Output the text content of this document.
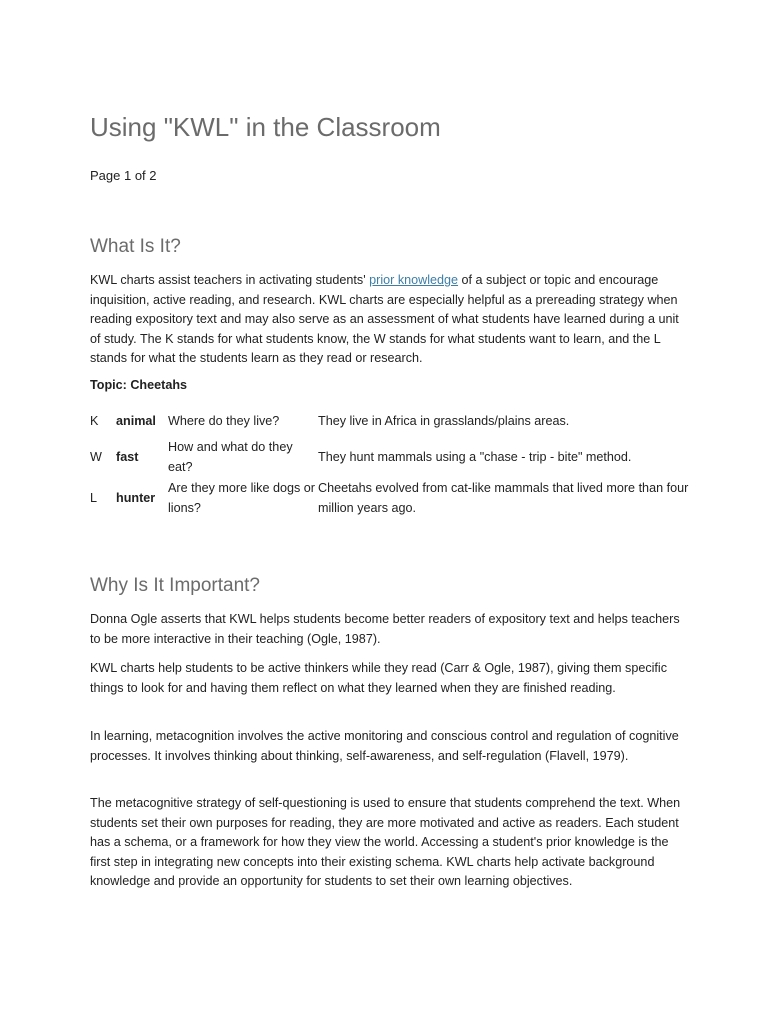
Using "KWL" in the Classroom
Page 1 of 2
What Is It?

KWL charts assist teachers in activating students' prior knowledge of a subject or topic and encourage inquisition, active reading, and research. KWL charts are especially helpful as a prereading strategy when reading expository text and may also serve as an assessment of what students have learned during a unit of study. The K stands for what students know, the W stands for what students want to learn, and the L stands for what the students learn as they read or research.

Topic: Cheetahs
K	animal	Where do they live?	They live in Africa in grasslands/plains areas.
W	fast	How and what do they eat?	They hunt mammals using a "chase - trip - bite" method.
L	hunter	Are they more like dogs or lions?	Cheetahs evolved from cat-like mammals that lived more than four million years ago.
Why Is It Important?

Donna Ogle asserts that KWL helps students become better readers of expository text and helps teachers to be more interactive in their teaching (Ogle, 1987).

KWL charts help students to be active thinkers while they read (Carr & Ogle, 1987), giving them specific things to look for and having them reflect on what they learned when they are finished reading.

In learning, metacognition involves the active monitoring and conscious control and regulation of cognitive processes. It involves thinking about thinking, self-awareness, and self-regulation (Flavell, 1979).

The metacognitive strategy of self-questioning is used to ensure that students comprehend the text. When students set their own purposes for reading, they are more motivated and active as readers. Each student has a schema, or a framework for how they view the world. Accessing a student's prior knowledge is the first step in integrating new concepts into their existing schema. KWL charts help activate background knowledge and provide an opportunity for students to set their own learning objectives.
